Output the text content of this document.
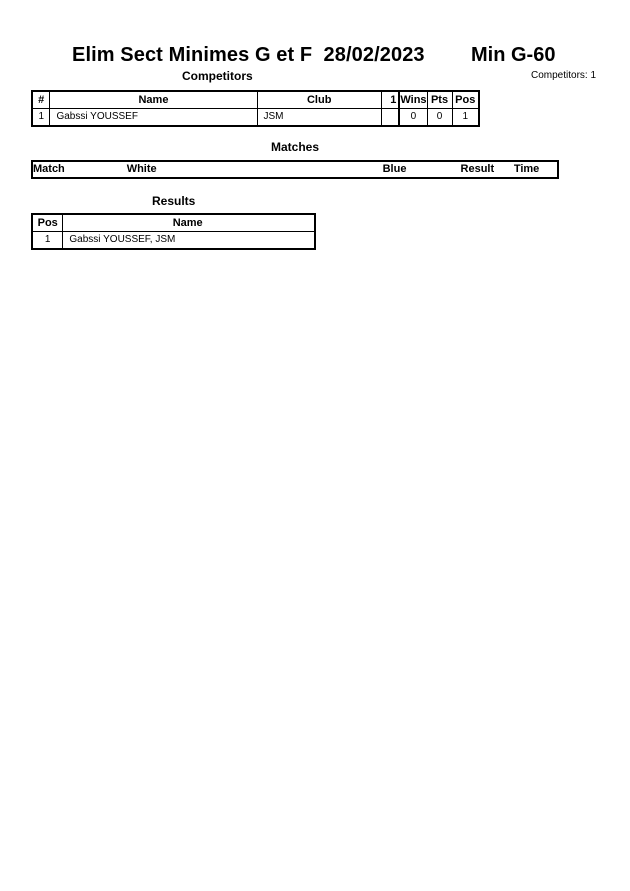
Elim Sect Minimes G et F  28/02/2023 Min G-60
Competitors	Competitors: 1
#	Name	Club	1	Wins	Pts	Pos
1	Gabssi YOUSSEF	JSM		0	0	1
Matches
Match	White	Blue	Result	Time
Results
Pos	Name
1	Gabssi YOUSSEF, JSM
